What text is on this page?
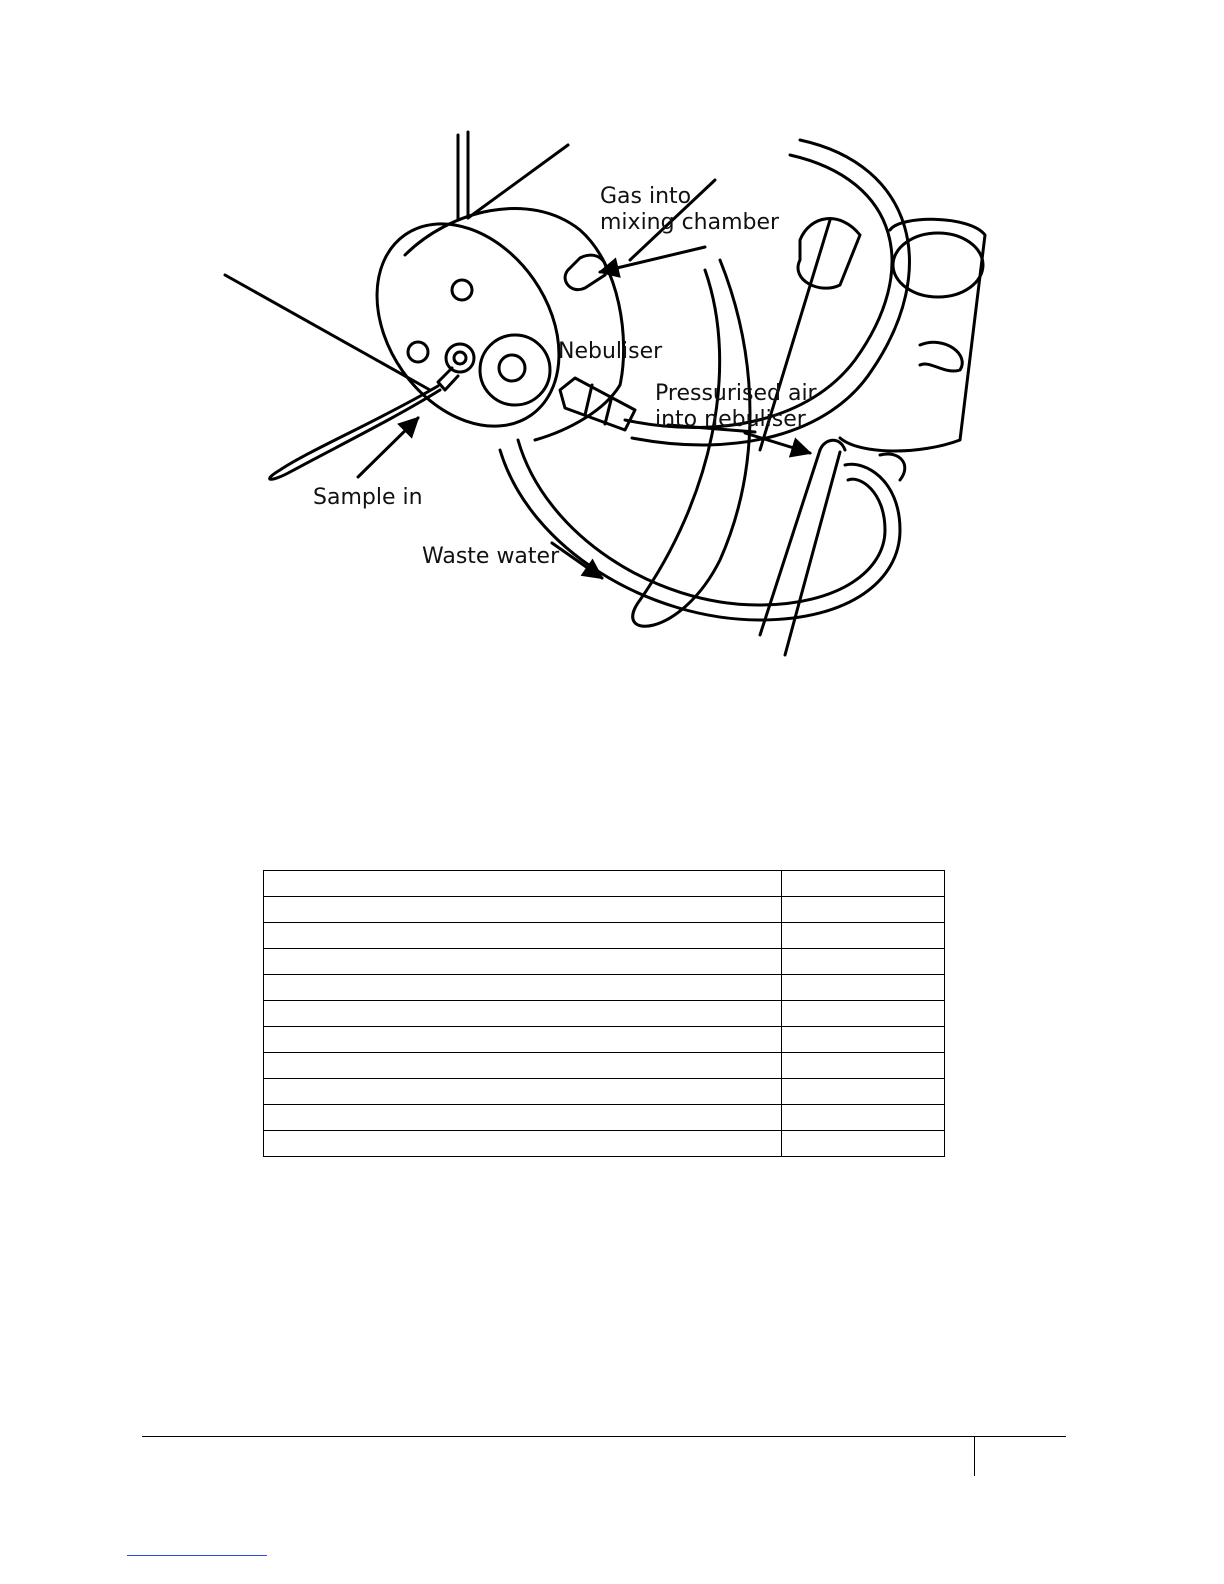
Gas into
mixing chamber
Nebuliser
Pressurised air
into nebuliser
Sample in
Waste water
